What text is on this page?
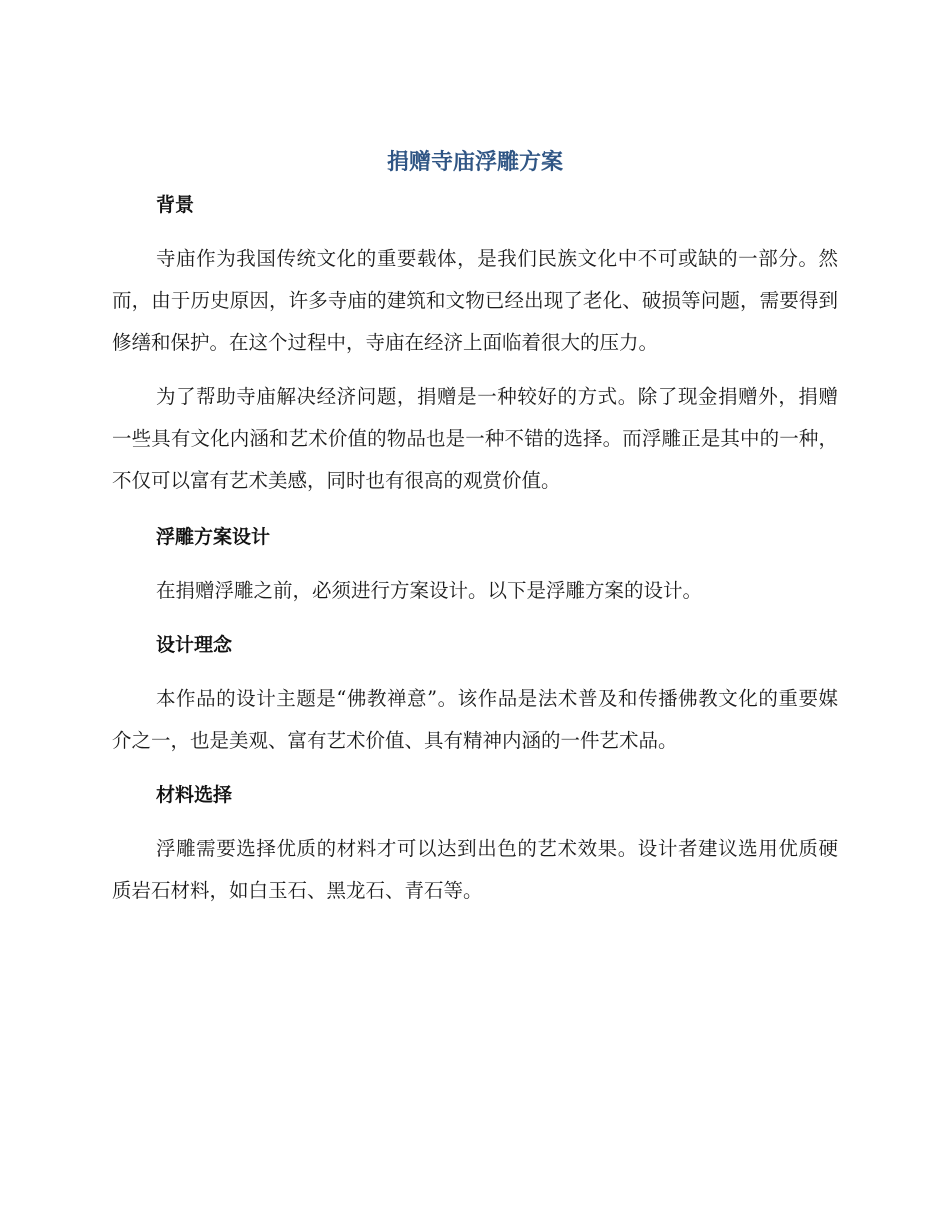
捐赠寺庙浮雕方案
背景

寺庙作为我国传统文化的重要载体，是我们民族文化中不可或缺的一部分。然而，由于历史原因，许多寺庙的建筑和文物已经出现了老化、破损等问题，需要得到修缮和保护。在这个过程中，寺庙在经济上面临着很大的压力。

为了帮助寺庙解决经济问题，捐赠是一种较好的方式。除了现金捐赠外，捐赠一些具有文化内涵和艺术价值的物品也是一种不错的选择。而浮雕正是其中的一种，不仅可以富有艺术美感，同时也有很高的观赏价值。

浮雕方案设计

在捐赠浮雕之前，必须进行方案设计。以下是浮雕方案的设计。

设计理念

本作品的设计主题是“佛教禅意”。该作品是法术普及和传播佛教文化的重要媒介之一，也是美观、富有艺术价值、具有精神内涵的一件艺术品。

材料选择

浮雕需要选择优质的材料才可以达到出色的艺术效果。设计者建议选用优质硬质岩石材料，如白玉石、黑龙石、青石等。
